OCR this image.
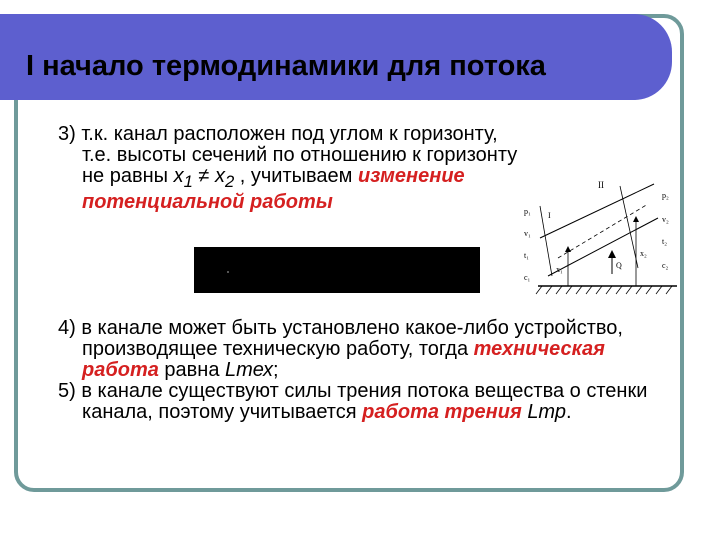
I начало термодинамики для потока

3) т.к. канал расположен под углом к горизонту, т.е. высоты сечений по отношению к горизонту не равны $x_1 \ne x_2$ , учитываем изменение потенциальной работы

II
p₁
v₁
t₁
c₁
p₂
v₂
t₂
c₂
I
x₁
x₂
Q

4) в канале может быть установлено какое-либо устройство, производящее техническую работу, тогда техническая работа равна Lтех;

5) в канале существуют силы трения потока вещества о стенки канала, поэтому учитывается работа трения Lтр.
